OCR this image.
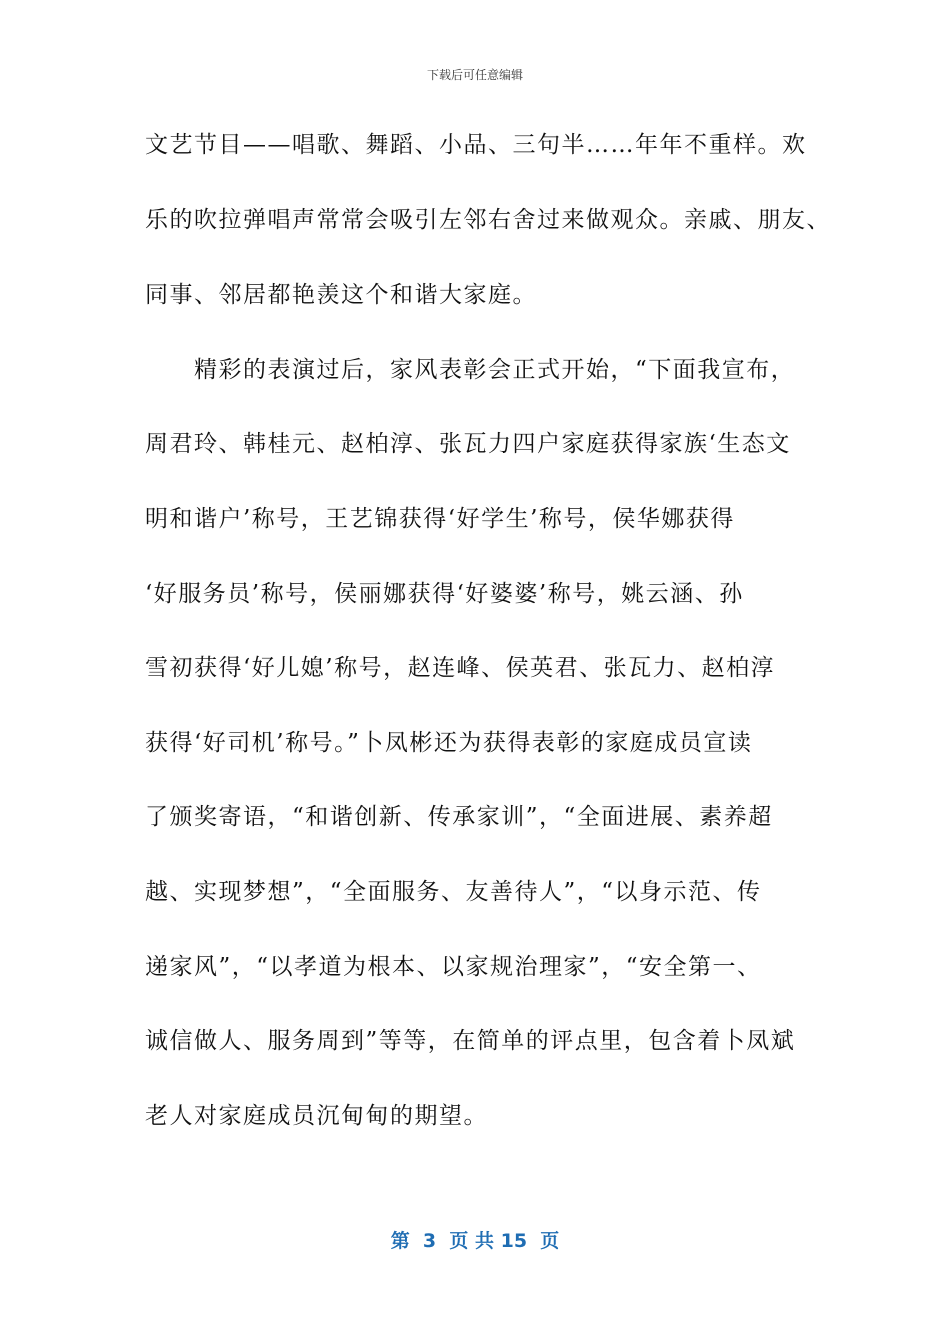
下载后可任意编辑
文艺节目——唱歌、舞蹈、小品、三句半……年年不重样。欢
乐的吹拉弹唱声常常会吸引左邻右舍过来做观众。亲戚、朋友、
同事、邻居都艳羡这个和谐大家庭。
　　精彩的表演过后，家风表彰会正式开始，“下面我宣布，
周君玲、韩桂元、赵柏淳、张瓦力四户家庭获得家族‘生态文
明和谐户’称号，王艺锦获得‘好学生’称号，侯华娜获得
‘好服务员’称号，侯丽娜获得‘好婆婆’称号，姚云涵、孙
雪初获得‘好儿媳’称号，赵连峰、侯英君、张瓦力、赵柏淳
获得‘好司机’称号。”卜凤彬还为获得表彰的家庭成员宣读
了颁奖寄语，“和谐创新、传承家训”，“全面进展、素养超
越、实现梦想”，“全面服务、友善待人”，“以身示范、传
递家风”，“以孝道为根本、以家规治理家”，“安全第一、
诚信做人、服务周到”等等，在简单的评点里，包含着卜凤斌
老人对家庭成员沉甸甸的期望。
第  3  页 共 15  页
